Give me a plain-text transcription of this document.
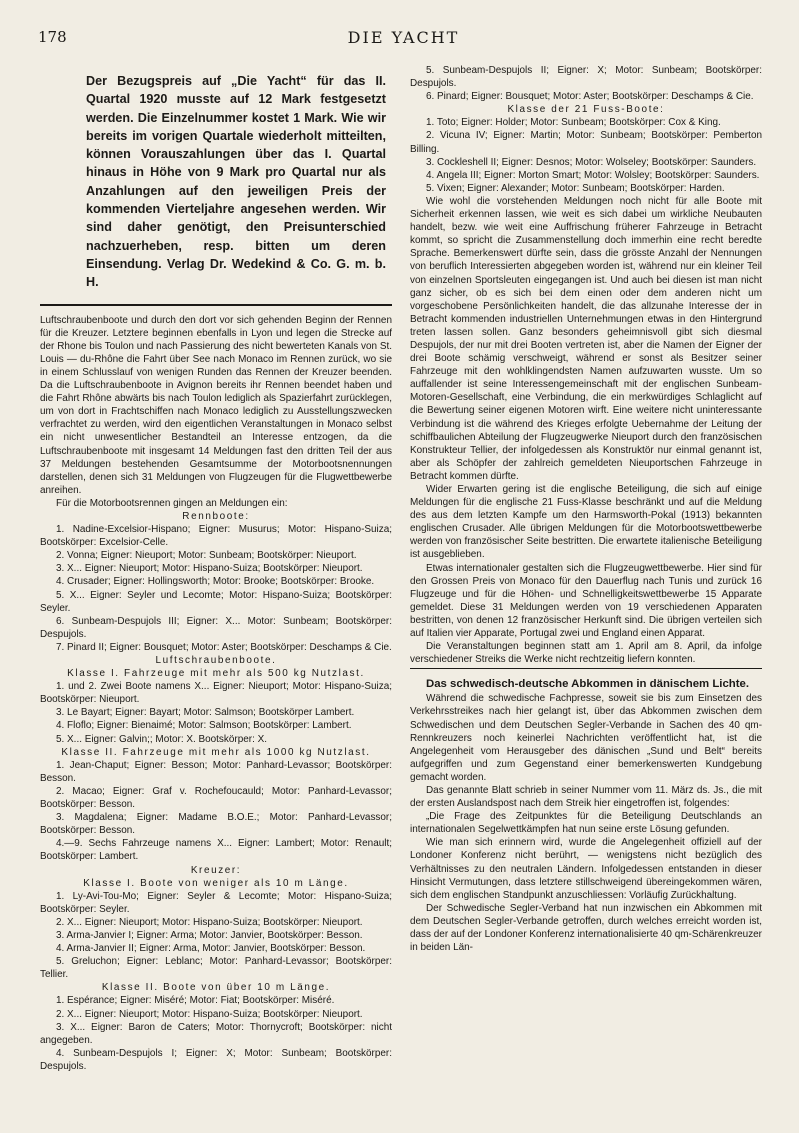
178	DIE YACHT
Der Bezugspreis auf „Die Yacht“ für das II. Quartal 1920 musste auf 12 Mark festgesetzt werden. Die Einzelnummer kostet 1 Mark. Wie wir bereits im vorigen Quartale wiederholt mitteilten, können Vorauszahlungen über das I. Quartal hinaus in Höhe von 9 Mark pro Quartal nur als Anzahlungen auf den jeweiligen Preis der kommenden Vierteljahre angesehen werden. Wir sind daher genötigt, den Preisunterschied nachzuerheben, resp. bitten um deren Einsendung. Verlag Dr. Wedekind & Co. G. m. b. H.

Luftschraubenboote und durch den dort vor sich gehenden Beginn der Rennen für die Kreuzer. Letztere beginnen ebenfalls in Lyon und legen die Strecke auf der Rhone bis Toulon und nach Passierung des nicht bewerteten Kanals von St. Louis — du-Rhône die Fahrt über See nach Monaco im Rennen zurück, wo sie in einem Schlusslauf von wenigen Runden das Rennen der Kreuzer beenden. Da die Luftschraubenboote in Avignon bereits ihr Rennen beendet haben und die Fahrt Rhône abwärts bis nach Toulon lediglich als Spazierfahrt zurücklegen, um von dort in Frachtschiffen nach Monaco lediglich zu Ausstellungszwecken verfrachtet zu werden, wird den eigentlichen Veranstaltungen in Monaco selbst ein nicht unwesentlicher Bestandteil an Interesse entzogen, da die Luftschraubenboote mit insgesamt 14 Meldungen fast den dritten Teil der aus 37 Meldungen bestehenden Gesamtsumme der Motorbootsnennungen darstellen, denen sich 31 Meldungen von Flugzeugen für die Flugwettbewerbe anreihen.

Für die Motorbootsrennen gingen an Meldungen ein:

Rennboote:

1. Nadine-Excelsior-Hispano; Eigner: Musurus; Motor: Hispano-Suiza; Bootskörper: Excelsior-Celle.

2. Vonna; Eigner: Nieuport; Motor: Sunbeam; Bootskörper: Nieuport.

3. X... Eigner: Nieuport; Motor: Hispano-Suiza; Bootskörper: Nieuport.

4. Crusader; Eigner: Hollingsworth; Motor: Brooke; Bootskörper: Brooke.

5. X... Eigner: Seyler und Lecomte; Motor: Hispano-Suiza; Bootskörper: Seyler.

6. Sunbeam-Despujols III; Eigner: X... Motor: Sunbeam; Bootskörper: Despujols.

7. Pinard II; Eigner: Bousquet; Motor: Aster; Bootskörper: Deschamps & Cie.

Luftschraubenboote.

Klasse I. Fahrzeuge mit mehr als 500 kg Nutzlast.

1. und 2. Zwei Boote namens X... Eigner: Nieuport; Motor: Hispano-Suiza; Bootskörper: Nieuport.

3. Le Bayart; Eigner: Bayart; Motor: Salmson; Bootskörper Lambert.

4. Floflo; Eigner: Bienaimé; Motor: Salmson; Bootskörper: Lambert.

5. X... Eigner: Galvin;; Motor: X. Bootskörper: X.

Klasse II. Fahrzeuge mit mehr als 1000 kg Nutzlast.

1. Jean-Chaput; Eigner: Besson; Motor: Panhard-Levassor; Bootskörper: Besson.

2. Macao; Eigner: Graf v. Rochefoucauld; Motor: Panhard-Levassor; Bootskörper: Besson.

3. Magdalena; Eigner: Madame B.O.E.; Motor: Panhard-Levassor; Bootskörper: Besson.

4.—9. Sechs Fahrzeuge namens X... Eigner: Lambert; Motor: Renault; Bootskörper: Lambert.

Kreuzer:

Klasse I. Boote von weniger als 10 m Länge.

1. Ly-Avi-Tou-Mo; Eigner: Seyler & Lecomte; Motor: Hispano-Suiza; Bootskörper: Seyler.

2. X... Eigner: Nieuport; Motor: Hispano-Suiza; Bootskörper: Nieuport.

3. Arma-Janvier I; Eigner: Arma; Motor: Janvier, Bootskörper: Besson.

4. Arma-Janvier II; Eigner: Arma, Motor: Janvier, Bootskörper: Besson.

5. Greluchon; Eigner: Leblanc; Motor: Panhard-Levassor; Bootskörper: Tellier.

Klasse II. Boote von über 10 m Länge.

1. Espérance; Eigner: Miséré; Motor: Fiat; Bootskörper: Miséré.

2. X... Eigner: Nieuport; Motor: Hispano-Suiza; Bootskörper: Nieuport.

3. X... Eigner: Baron de Caters; Motor: Thornycroft; Bootskörper: nicht angegeben.

4. Sunbeam-Despujols I; Eigner: X; Motor: Sunbeam; Bootskörper: Despujols.

5. Sunbeam-Despujols II; Eigner: X; Motor: Sunbeam; Bootskörper: Despujols.

6. Pinard; Eigner: Bousquet; Motor: Aster; Bootskörper: Deschamps & Cie.

Klasse der 21 Fuss-Boote:

1. Toto; Eigner: Holder; Motor: Sunbeam; Bootskörper: Cox & King.

2. Vicuna IV; Eigner: Martin; Motor: Sunbeam; Bootskörper: Pemberton Billing.

3. Cockleshell II; Eigner: Desnos; Motor: Wolseley; Bootskörper: Saunders.

4. Angela III; Eigner: Morton Smart; Motor: Wolsley; Bootskörper: Saunders.

5. Vixen; Eigner: Alexander; Motor: Sunbeam; Bootskörper: Harden.

Wie wohl die vorstehenden Meldungen noch nicht für alle Boote mit Sicherheit erkennen lassen, wie weit es sich dabei um wirkliche Neubauten handelt, bezw. wie weit eine Auffrischung früherer Fahrzeuge in Betracht kommt, so spricht die Zusammenstellung doch immerhin eine recht beredte Sprache. Bemerkenswert dürfte sein, dass die grösste Anzahl der Nennungen von beruflich Interessierten abgegeben worden ist, während nur ein kleiner Teil von einzelnen Sportsleuten eingegangen ist. Und auch bei diesen ist man nicht ganz sicher, ob es sich bei dem einen oder dem anderen nicht um vorgeschobene Persönlichkeiten handelt, die das allzunahe Interesse der in Betracht kommenden industriellen Unternehmungen etwas in den Hintergrund treten lassen sollen. Ganz besonders geheimnisvoll gibt sich diesmal Despujols, der nur mit drei Booten vertreten ist, aber die Namen der Eigner der drei Boote schämig verschweigt, während er sonst als Besitzer seiner Fahrzeuge mit den wohlklingendsten Namen aufzuwarten wusste. Um so auffallender ist seine Interessengemeinschaft mit der englischen Sunbeam-Motoren-Gesellschaft, eine Verbindung, die ein merkwürdiges Schlaglicht auf die Bewertung seiner eigenen Motoren wirft. Eine weitere nicht uninteressante Verbindung ist die während des Krieges erfolgte Uebernahme der Leitung der schiffbaulichen Abteilung der Flugzeugwerke Nieuport durch den französischen Konstrukteur Tellier, der infolgedessen als Konstruktör nur einmal genannt ist, aber als Schöpfer der zahlreich gemeldeten Nieuportschen Fahrzeuge in Betracht kommen dürfte.

Wider Erwarten gering ist die englische Beteiligung, die sich auf einige Meldungen für die englische 21 Fuss-Klasse beschränkt und auf die Meldung des aus dem letzten Kampfe um den Harmsworth-Pokal (1913) bekannten englischen Crusader. Alle übrigen Meldungen für die Motorbootswettbewerbe werden von französischer Seite bestritten. Die erwartete italienische Beteiligung ist ausgeblieben.

Etwas internationaler gestalten sich die Flugzeugwettbewerbe. Hier sind für den Grossen Preis von Monaco für den Dauerflug nach Tunis und zurück 16 Flugzeuge und für die Höhen- und Schnelligkeitswettbewerbe 15 Apparate gemeldet. Diese 31 Meldungen werden von 19 verschiedenen Apparaten bestritten, von denen 12 französischer Herkunft sind. Die übrigen verteilen sich auf Italien vier Apparate, Portugal zwei und England einen Apparat.

Die Veranstaltungen beginnen statt am 1. April am 8. April, da infolge verschiedener Streiks die Werke nicht rechtzeitig liefern konnten.

Das schwedisch-deutsche Abkommen in dänischem Lichte.

Während die schwedische Fachpresse, soweit sie bis zum Einsetzen des Verkehrsstreikes nach hier gelangt ist, über das Abkommen zwischen dem Schwedischen und dem Deutschen Segler-Verbande in Sachen des 40 qm-Rennkreuzers noch keinerlei Nachrichten veröffentlicht hat, ist die Angelegenheit vom Herausgeber des dänischen „Sund und Belt“ bereits aufgegriffen und zum Gegenstand einer bemerkenswerten Kundgebung gemacht worden.

Das genannte Blatt schrieb in seiner Nummer vom 11. März ds. Js., die mit der ersten Auslandspost nach dem Streik hier eingetroffen ist, folgendes:

„Die Frage des Zeitpunktes für die Beteiligung Deutschlands an internationalen Segelwettkämpfen hat nun seine erste Lösung gefunden.

Wie man sich erinnern wird, wurde die Angelegenheit offiziell auf der Londoner Konferenz nicht berührt, — wenigstens nicht bezüglich des Verhältnisses zu den neutralen Ländern. Infolgedessen entstanden in dieser Hinsicht Vermutungen, dass letztere stillschweigend übereingekommen wären, sich dem englischen Standpunkt anzuschliessen: Vorläufig Zurückhaltung.

Der Schwedische Segler-Verband hat nun inzwischen ein Abkommen mit dem Deutschen Segler-Verbande getroffen, durch welches erreicht worden ist, dass der auf der Londoner Konferenz internationalisierte 40 qm-Schärenkreuzer in beiden Län-
